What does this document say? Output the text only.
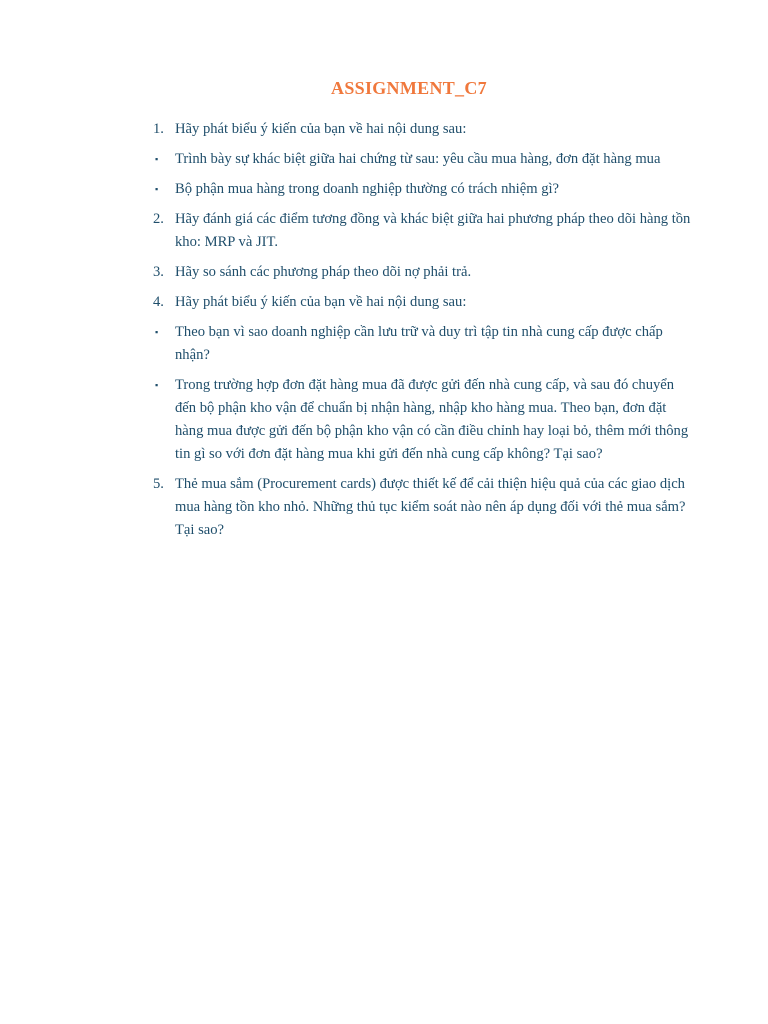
ASSIGNMENT_C7
1. Hãy phát biểu ý kiến của bạn về hai nội dung sau:
▪	Trình bày sự khác biệt giữa hai chứng từ sau: yêu cầu mua hàng, đơn đặt hàng mua
▪	Bộ phận mua hàng trong doanh nghiệp thường có trách nhiệm gì?
2. Hãy đánh giá các điểm tương đồng và khác biệt giữa hai phương pháp theo dõi hàng tồn kho: MRP và JIT.
3. Hãy so sánh các phương pháp theo dõi nợ phải trả.
4. Hãy phát biểu ý kiến của bạn về hai nội dung sau:
▪	Theo bạn vì sao doanh nghiệp cần lưu trữ và duy trì tập tin nhà cung cấp được chấp nhận?
▪	Trong trường hợp đơn đặt hàng mua đã được gửi đến nhà cung cấp, và sau đó chuyển đến bộ phận kho vận để chuẩn bị nhận hàng, nhập kho hàng mua. Theo bạn, đơn đặt hàng mua được gửi đến bộ phận kho vận có cần điều chỉnh hay loại bỏ, thêm mới thông tin gì so với đơn đặt hàng mua khi gửi đến nhà cung cấp không? Tại sao?
5. Thẻ mua sắm (Procurement cards) được thiết kế để cải thiện hiệu quả của các giao dịch mua hàng tồn kho nhỏ. Những thủ tục kiểm soát nào nên áp dụng đối với thẻ mua sắm? Tại sao?
